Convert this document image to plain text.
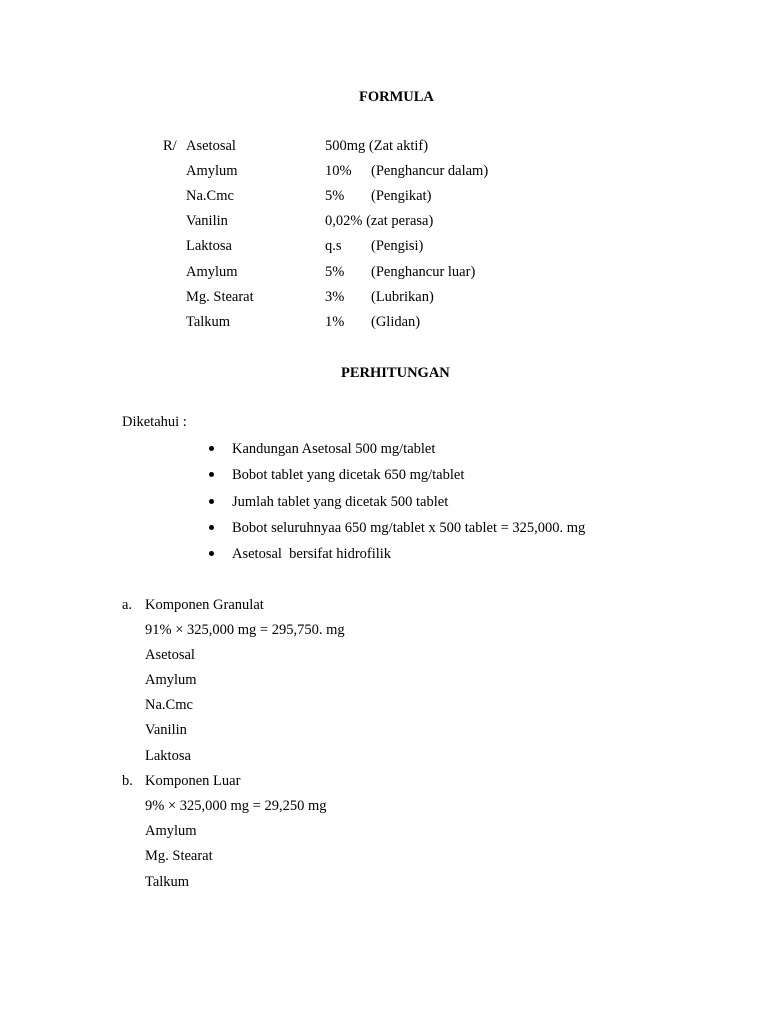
FORMULA
R/ Asetosal	500mg (Zat aktif)
Amylum	10% (Penghancur dalam)
Na.Cmc	5% (Pengikat)
Vanilin	0,02% (zat perasa)
Laktosa	q.s (Pengisi)
Amylum	5% (Penghancur luar)
Mg. Stearat	3% (Lubrikan)
Talkum	1% (Glidan)
PERHITUNGAN
Diketahui :
Kandungan Asetosal 500 mg/tablet
Bobot tablet yang dicetak 650 mg/tablet
Jumlah tablet yang dicetak 500 tablet
Bobot seluruhnyaa 650 mg/tablet x 500 tablet = 325,000. mg
Asetosal  bersifat hidrofilik
a. Komponen Granulat
91% × 325,000 mg = 295,750. mg
Asetosal
Amylum
Na.Cmc
Vanilin
Laktosa
b. Komponen Luar
9% × 325,000 mg = 29,250 mg
Amylum
Mg. Stearat
Talkum
